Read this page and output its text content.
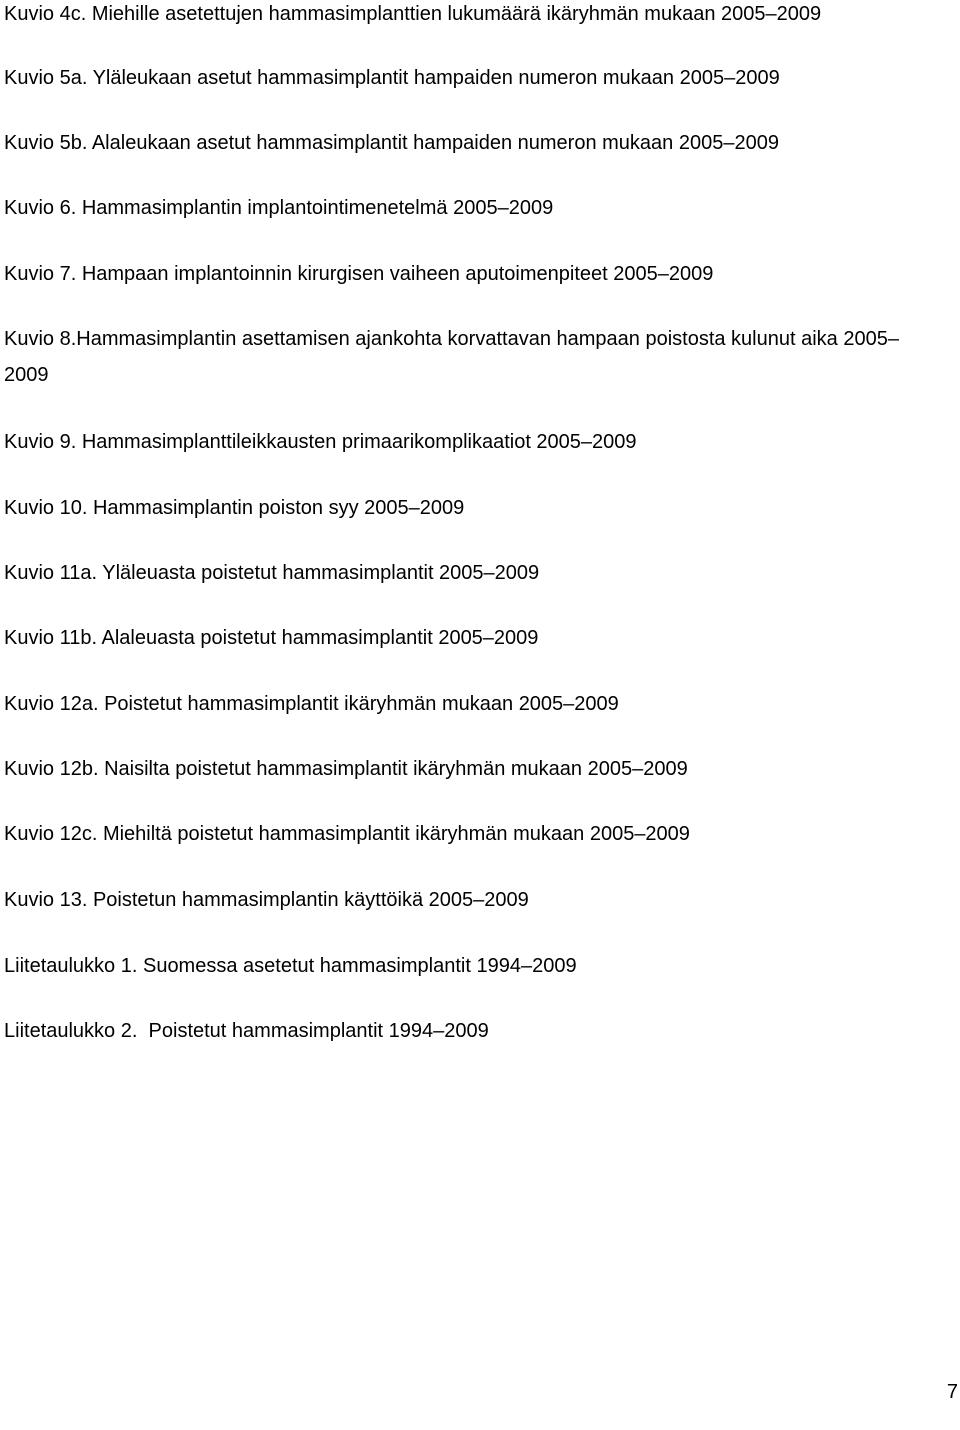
Kuvio 4c. Miehille asetettujen hammasimplanttien lukumäärä ikäryhmän mukaan 2005–2009
Kuvio 5a. Yläleukaan asetut hammasimplantit hampaiden numeron mukaan 2005–2009
Kuvio 5b. Alaleukaan asetut hammasimplantit hampaiden numeron mukaan 2005–2009
Kuvio 6. Hammasimplantin implantointimenetelmä 2005–2009
Kuvio 7. Hampaan implantoinnin kirurgisen vaiheen aputoimenpiteet 2005–2009
Kuvio 8.Hammasimplantin asettamisen ajankohta korvattavan hampaan poistosta kulunut aika 2005–2009
Kuvio 9. Hammasimplanttileikkausten primaarikomplikaatiot 2005–2009
Kuvio 10. Hammasimplantin poiston syy 2005–2009
Kuvio 11a. Yläleuasta poistetut hammasimplantit 2005–2009
Kuvio 11b. Alaleuasta poistetut hammasimplantit 2005–2009
Kuvio 12a. Poistetut hammasimplantit ikäryhmän mukaan 2005–2009
Kuvio 12b. Naisilta poistetut hammasimplantit ikäryhmän mukaan 2005–2009
Kuvio 12c. Miehiltä poistetut hammasimplantit ikäryhmän mukaan 2005–2009
Kuvio 13. Poistetun hammasimplantin käyttöikä 2005–2009
Liitetaulukko 1. Suomessa asetetut hammasimplantit 1994–2009
Liitetaulukko 2.  Poistetut hammasimplantit 1994–2009
7
